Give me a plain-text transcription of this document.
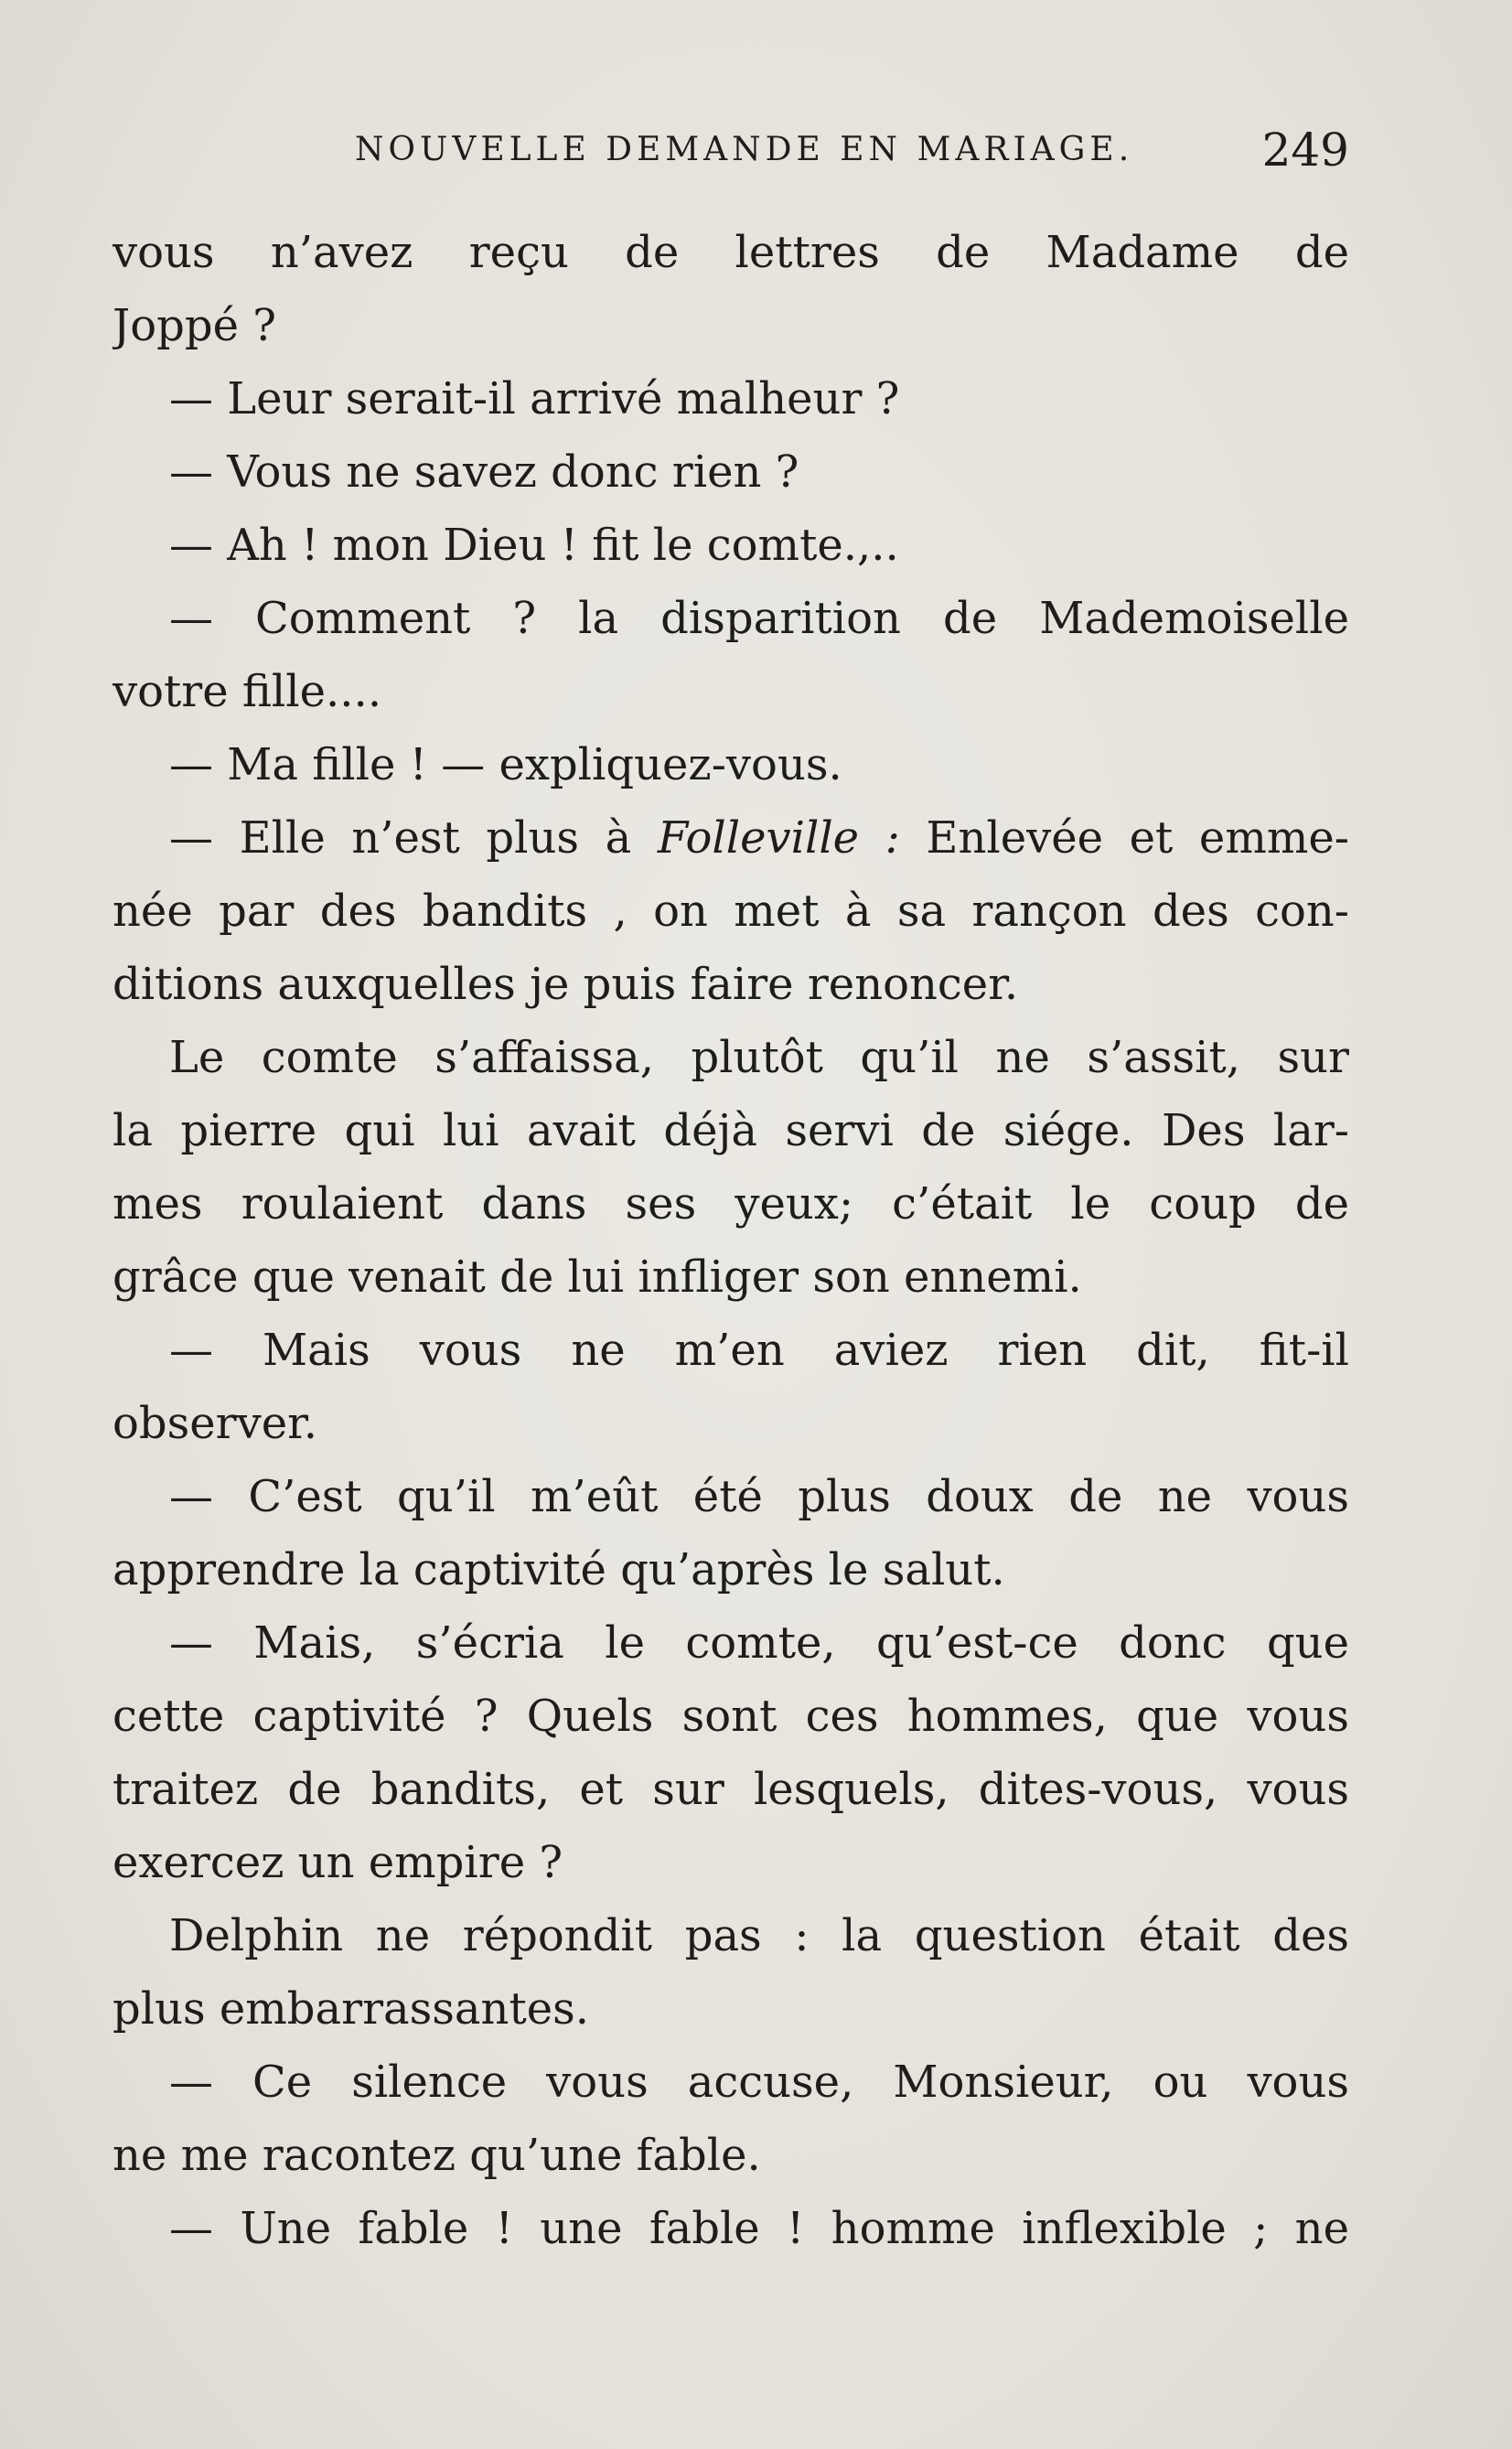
NOUVELLE DEMANDE EN MARIAGE.	249
vous n’avez reçu de lettres de Madame de
Joppé ?
— Leur serait-il arrivé malheur ?
— Vous ne savez donc rien ?
— Ah ! mon Dieu ! fit le comte.,..
— Comment ? la disparition de Mademoiselle
votre fille....
— Ma fille ! — expliquez-vous.
— Elle n’est plus à Folleville : Enlevée et emme-
née par des bandits , on met à sa rançon des con-
ditions auxquelles je puis faire renoncer.
Le comte s’affaissa, plutôt qu’il ne s’assit, sur
la pierre qui lui avait déjà servi de siége. Des lar-
mes roulaient dans ses yeux; c’était le coup de
grâce que venait de lui infliger son ennemi.
— Mais vous ne m’en aviez rien dit, fit-il
observer.
— C’est qu’il m’eût été plus doux de ne vous
apprendre la captivité qu’après le salut.
— Mais, s’écria le comte, qu’est-ce donc que
cette captivité ? Quels sont ces hommes, que vous
traitez de bandits, et sur lesquels, dites-vous, vous
exercez un empire ?
Delphin ne répondit pas : la question était des
plus embarrassantes.
— Ce silence vous accuse, Monsieur, ou vous
ne me racontez qu’une fable.
— Une fable ! une fable ! homme inflexible ; ne
